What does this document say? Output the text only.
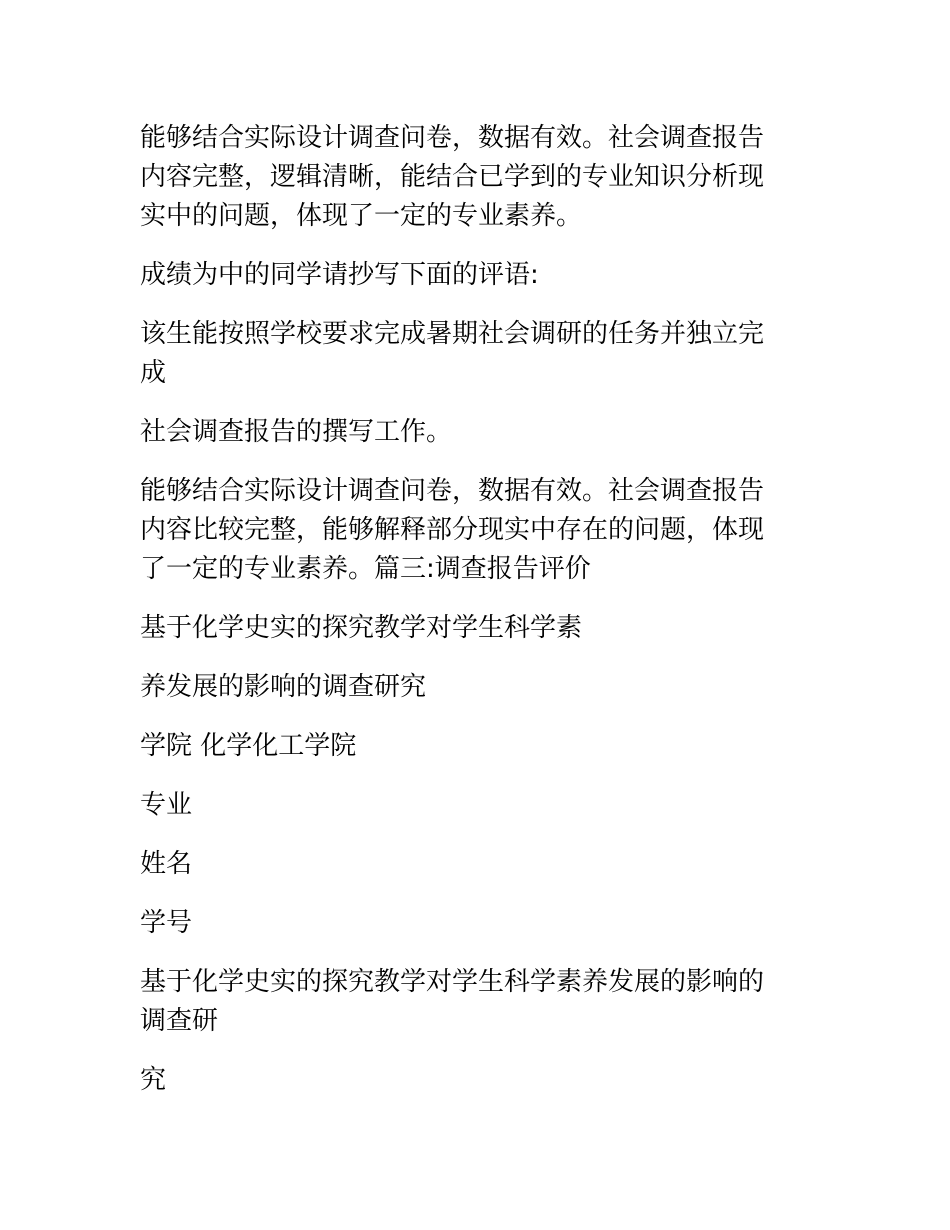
能够结合实际设计调查问卷，数据有效。社会调查报告
内容完整，逻辑清晰，能结合已学到的专业知识分析现
实中的问题，体现了一定的专业素养。

成绩为中的同学请抄写下面的评语:

该生能按照学校要求完成暑期社会调研的任务并独立完
成

社会调查报告的撰写工作。

能够结合实际设计调查问卷，数据有效。社会调查报告
内容比较完整，能够解释部分现实中存在的问题，体现
了一定的专业素养。篇三:调查报告评价

基于化学史实的探究教学对学生科学素

养发展的影响的调查研究

学院 化学化工学院

专业

姓名

学号

基于化学史实的探究教学对学生科学素养发展的影响的
调查研

究
